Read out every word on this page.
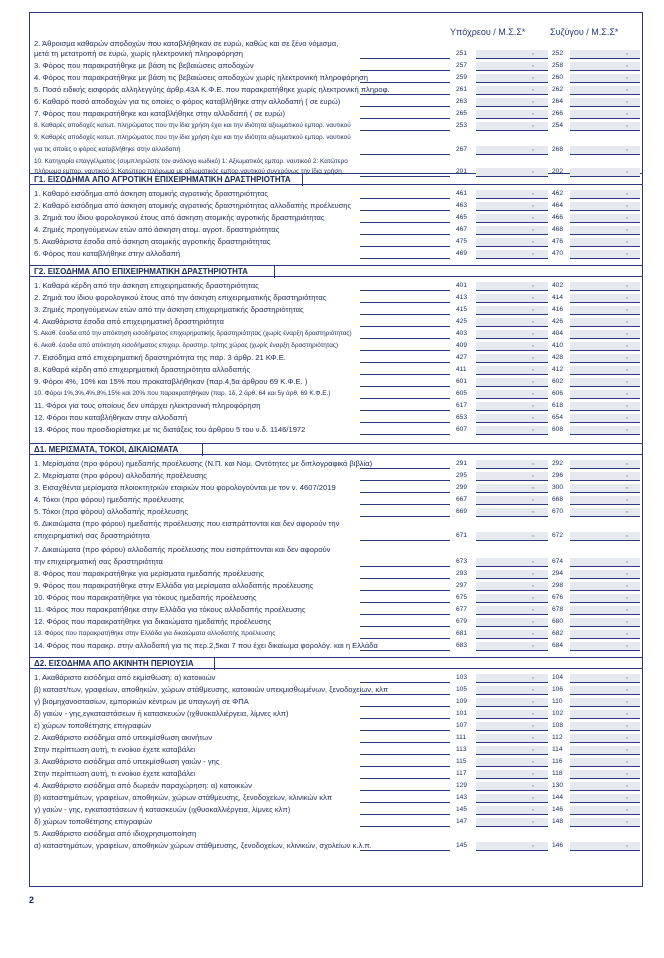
Υπόχρεου / Μ.Σ.Σ*	Συζύγου / Μ.Σ.Σ*
Γ1. ΕΙΣΟΔΗΜΑ ΑΠΟ ΑΓΡΟΤΙΚΗ ΕΠΙΧΕΙΡΗΜΑΤΙΚΗ ΔΡΑΣΤΗΡΙΟΤΗΤΑ
Γ2. ΕΙΣΟΔΗΜΑ ΑΠΟ ΕΠΙΧΕΙΡΗΜΑΤΙΚΗ ΔΡΑΣΤΗΡΙΟΤΗΤΑ
Δ1. ΜΕΡΙΣΜΑΤΑ, ΤΟΚΟΙ, ΔΙΚΑΙΩΜΑΤΑ
Δ2. ΕΙΣΟΔΗΜΑ ΑΠΟ ΑΚΙΝΗΤΗ ΠΕΡΙΟΥΣΙΑ
2. Άθροισμα καθαρών αποδοχών που καταβλήθηκαν σε ευρώ, καθώς και σε ξένο νόμισμα,
μετά τη μετατροπή σε ευρώ, χωρίς ηλεκτρονική πληροφόρηση	251	,	252	,
3. Φόρος που παρακρατήθηκε με βάση τις βεβαιώσεις αποδοχών	257	,	258	,
4. Φόρος που παρακρατήθηκε με βάση τις βεβαιώσεις αποδοχών χωρίς ηλεκτρονική πληροφόρηση	259	,	260	,
5. Ποσό ειδικής εισφοράς αλληλεγγύης άρθρ.43Α Κ.Φ.Ε. που παρακρατήθηκε χωρίς ηλεκτρονική πληροφ.	261	,	262	,
6. Καθαρό ποσό αποδοχών για τις οποίες ο φόρος καταβλήθηκε στην αλλοδαπή ( σε ευρώ)	263	,	264	,
7. Φόρος που παρακρατήθηκε και καταβλήθηκε στην αλλοδαπή ( σε ευρώ)	265	,	266	,
8. Καθαρές αποδοχές κατωτ. πληρώματος που την ίδια χρήση έχει και την ιδιότητα αξιωματικού εμπορ. ναυτικού	253	,	254	,
9. Καθαρές αποδοχές κατωτ. πληρώματος που την ίδια χρήση έχει και την ιδιότητα αξιωματικού εμπορ. ναυτικού
για τις οποίες ο φόρος καταβλήθηκε στην αλλοδαπή	267	,	268	,
10. Κατηγορία επαγγέλματος (συμπληρώστε τον ανάλογο κωδικό) 1: Αξιωματικός εμπορ. ναυτικού 2: Κατώτερο
πλήρωμα εμπορ. ναυτικού 3: Κατώτερο πλήρωμα με αξιωματικός εμπορ.ναυτικού συγχρόνως την ίδια χρήση	201	,	202	,
1. Καθαρό εισόδημα από άσκηση ατομικής αγροτικής δραστηριότητας	461	,	462	,
2. Καθαρό εισόδημα από άσκηση ατομικής αγροτικής δραστηριότητας αλλοδαπής προέλευσης	463	,	464	,
3. Ζημιά του ίδιου φορολογικού έτους από άσκηση ατομικής αγροτικής δραστηριότητας	465	,	466	,
4. Ζημιές προηγούμενων ετών από άσκηση ατομ. αγροτ. δραστηριότητας	467	,	468	,
5. Ακαθάριστα έσοδα από άσκηση ατομικής αγροτικής δραστηριότητας	475	,	476	,
6. Φόρος που καταβλήθηκε στην αλλοδαπή	469	,	470	,
1. Καθαρά κέρδη από την άσκηση επιχειρηματικής δραστηριότητας	401	,	402	,
2. Ζημιά του ίδιου φορολογικού έτους από την άσκηση επιχειρηματικής δραστηριότητας	413	,	414	,
3. Ζημιές προηγούμενων ετών από την άσκηση επιχειρηματικής δραστηριότητας	415	,	416	,
4. Ακαθάριστα έσοδα από επιχειρηματική δραστηριότητα	425	,	426	,
5. Ακαθ. έσοδα από την απόκτηση εισοδήματος επιχειρηματικής δραστηριότητας (χωρίς έναρξη δραστηριότητας)	403	,	404	,
6. Ακαθ. έσοδα από απόκτηση εισοδήματος επιχειρ. δραστηρ. τρίτης χώρας (χωρίς έναρξη δραστηριότητας)	409	,	410	,
7. Εισόδημα από επιχειρηματική δραστηριότητα της παρ. 3 άρθρ. 21 ΚΦ.Ε.	427	,	428	,
8. Καθαρά κέρδη από επιχειρηματική δραστηριότητα αλλοδαπής	411	,	412	,
9. Φόροι 4%, 10% και 15% που προκαταβλήθηκαν (παρ.4,5α άρθρου 69 Κ.Φ.Ε. )	601	,	602	,
10. Φόροι 1%,3%,4%,8%,15% και 20% που παρακρατήθηκαν (παρ. 1δ, 2 άρθ. 64 και 5γ άρθ. 69 Κ.Φ.Ε.)	605	,	606	,
11. Φόροι για τους οποίους δεν υπάρχει ηλεκτρονική πληροφόρηση	617	,	618	,
12. Φόροι που καταβλήθηκαν στην αλλοδαπή	653	,	654	,
13. Φόρος που προσδιορίστηκε με τις διατάξεις του άρθρου 5 του ν.δ. 1146/1972	607	,	608	,
1. Μερίσματα (προ φόρου) ημεδαπής προέλευσης (Ν.Π. και Νομ. Οντότητες με διπλογραφικά βιβλία)	291	,	292	,
2. Μερίσματα (προ φόρου) αλλοδαπής προέλευσης	295	,	296	,
3. Εισαχθέντα μερίσματα πλοιοκτητριών εταιριών που φορολογούνται με τον ν. 4607/2019	299	,	300	,
4. Τόκοι (προ φόρου) ημεδαπής προέλευσης	667	,	668	,
5. Τόκοι (προ φόρου) αλλοδαπής προέλευσης	669	,	670	,
6. Δικαιώματα (προ φόρου) ημεδαπής προέλευσης που εισπράττονται και δεν αφορούν την
επιχειρηματική σας δραστηριότητα	671	,	672	,
7. Δικαιώματα (προ φόρου) αλλοδαπής προέλευσης που εισπράττονται και δεν αφορούν
την επιχειρηματική σας δραστηριότητα	673	,	674	,
8. Φόρος που παρακρατήθηκε για μερίσματα ημεδαπής προέλευσης	293	,	294	,
9. Φόρος που παρακρατήθηκε στην Ελλάδα για μερίσματα αλλοδαπής προέλευσης	297	,	298	,
10. Φόρος που παρακρατήθηκε για τόκους ημεδαπής προέλευσης	675	,	676	,
11. Φόρος που παρακρατήθηκε στην Ελλάδα για τόκους αλλοδαπής προέλευσης	677	,	678	,
12. Φόρος που παρακρατήθηκε για δικαιώματα ημεδαπής προέλευσης	679	,	680	,
13. Φόρος που παρακρατήθηκε στην Ελλάδα για δικαιώματα αλλοδαπής προέλευσης	681	,	682	,
14. Φόρος που παρακρ. στην αλλοδαπή για τις περ.2,5και 7 που έχει δικαίωμα φορολόγ. και η Ελλάδα	683	,	684	,
1. Ακαθάριστο εισόδημα από εκμίσθωση: α) κατοικιών	103	,	104	,
β) καταστ/των, γραφείων, αποθηκών, χώρων στάθμευσης, κατοικιών υπεκμισθωμένων, ξενοδοχείων, κλπ	105	,	106	,
γ) βιομηχανοστασίων, εμπορικών κέντρων με υπαγωγή σε ΦΠΑ	109	,	110	,
δ) γαιών - γης,εγκαταστάσεων ή κατασκευών (ιχθυοκαλλιέργεια, λίμνες κλπ)	101	,	102	,
ε) χώρων τοποθέτησης επιγραφών	107	,	108	,
2. Ακαθάριστο εισόδημα από υπεκμίσθωση ακινήτων	111	,	112	,
Στην περίπτωση αυτή, τι ενοίκιο έχετε καταβάλει	113	,	114	,
3. Ακαθάριστο εισόδημα από υπεκμίσθωση γαιών - γης	115	,	116	,
Στην περίπτωση αυτή, τι ενοίκιο έχετε καταβάλει	117	,	118	,
4. Ακαθάριστο εισόδημα από δωρεάν παραχώρηση: α) κατοικιών	129	,	130	,
β) καταστημάτων, γραφείων, αποθηκών, χώρων στάθμευσης, ξενοδοχείων, κλινικών κλπ	143	,	144	,
γ) γαιών - γης, εγκαταστάσεων ή κατασκευών (ιχθυοκαλλιέργεια, λίμνες κλπ)	145	,	146	,
δ) χώρων τοποθέτησης επιγραφών	147	,	148	,
5. Ακαθάριστο εισόδημα από ιδιοχρησιμοποίηση
α) καταστημάτων, γραφείων, αποθηκών χώρων στάθμευσης, ξενοδοχείων, κλινικών, σχολείων κ.λ.π.	145	,	146	,
2
